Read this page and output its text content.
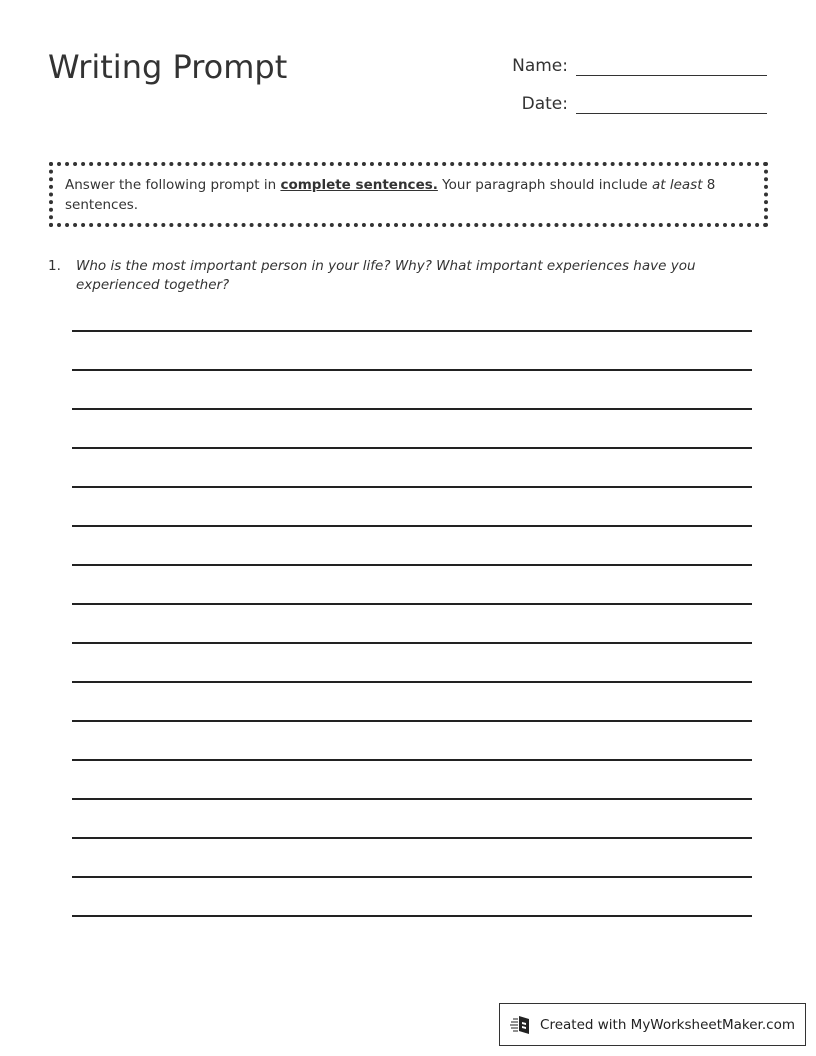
Writing Prompt	Name:
Date:
Answer the following prompt in complete sentences. Your paragraph should include at least 8 sentences.
1.	Who is the most important person in your life? Why? What important experiences have you experienced together?
Created with MyWorksheetMaker.com
